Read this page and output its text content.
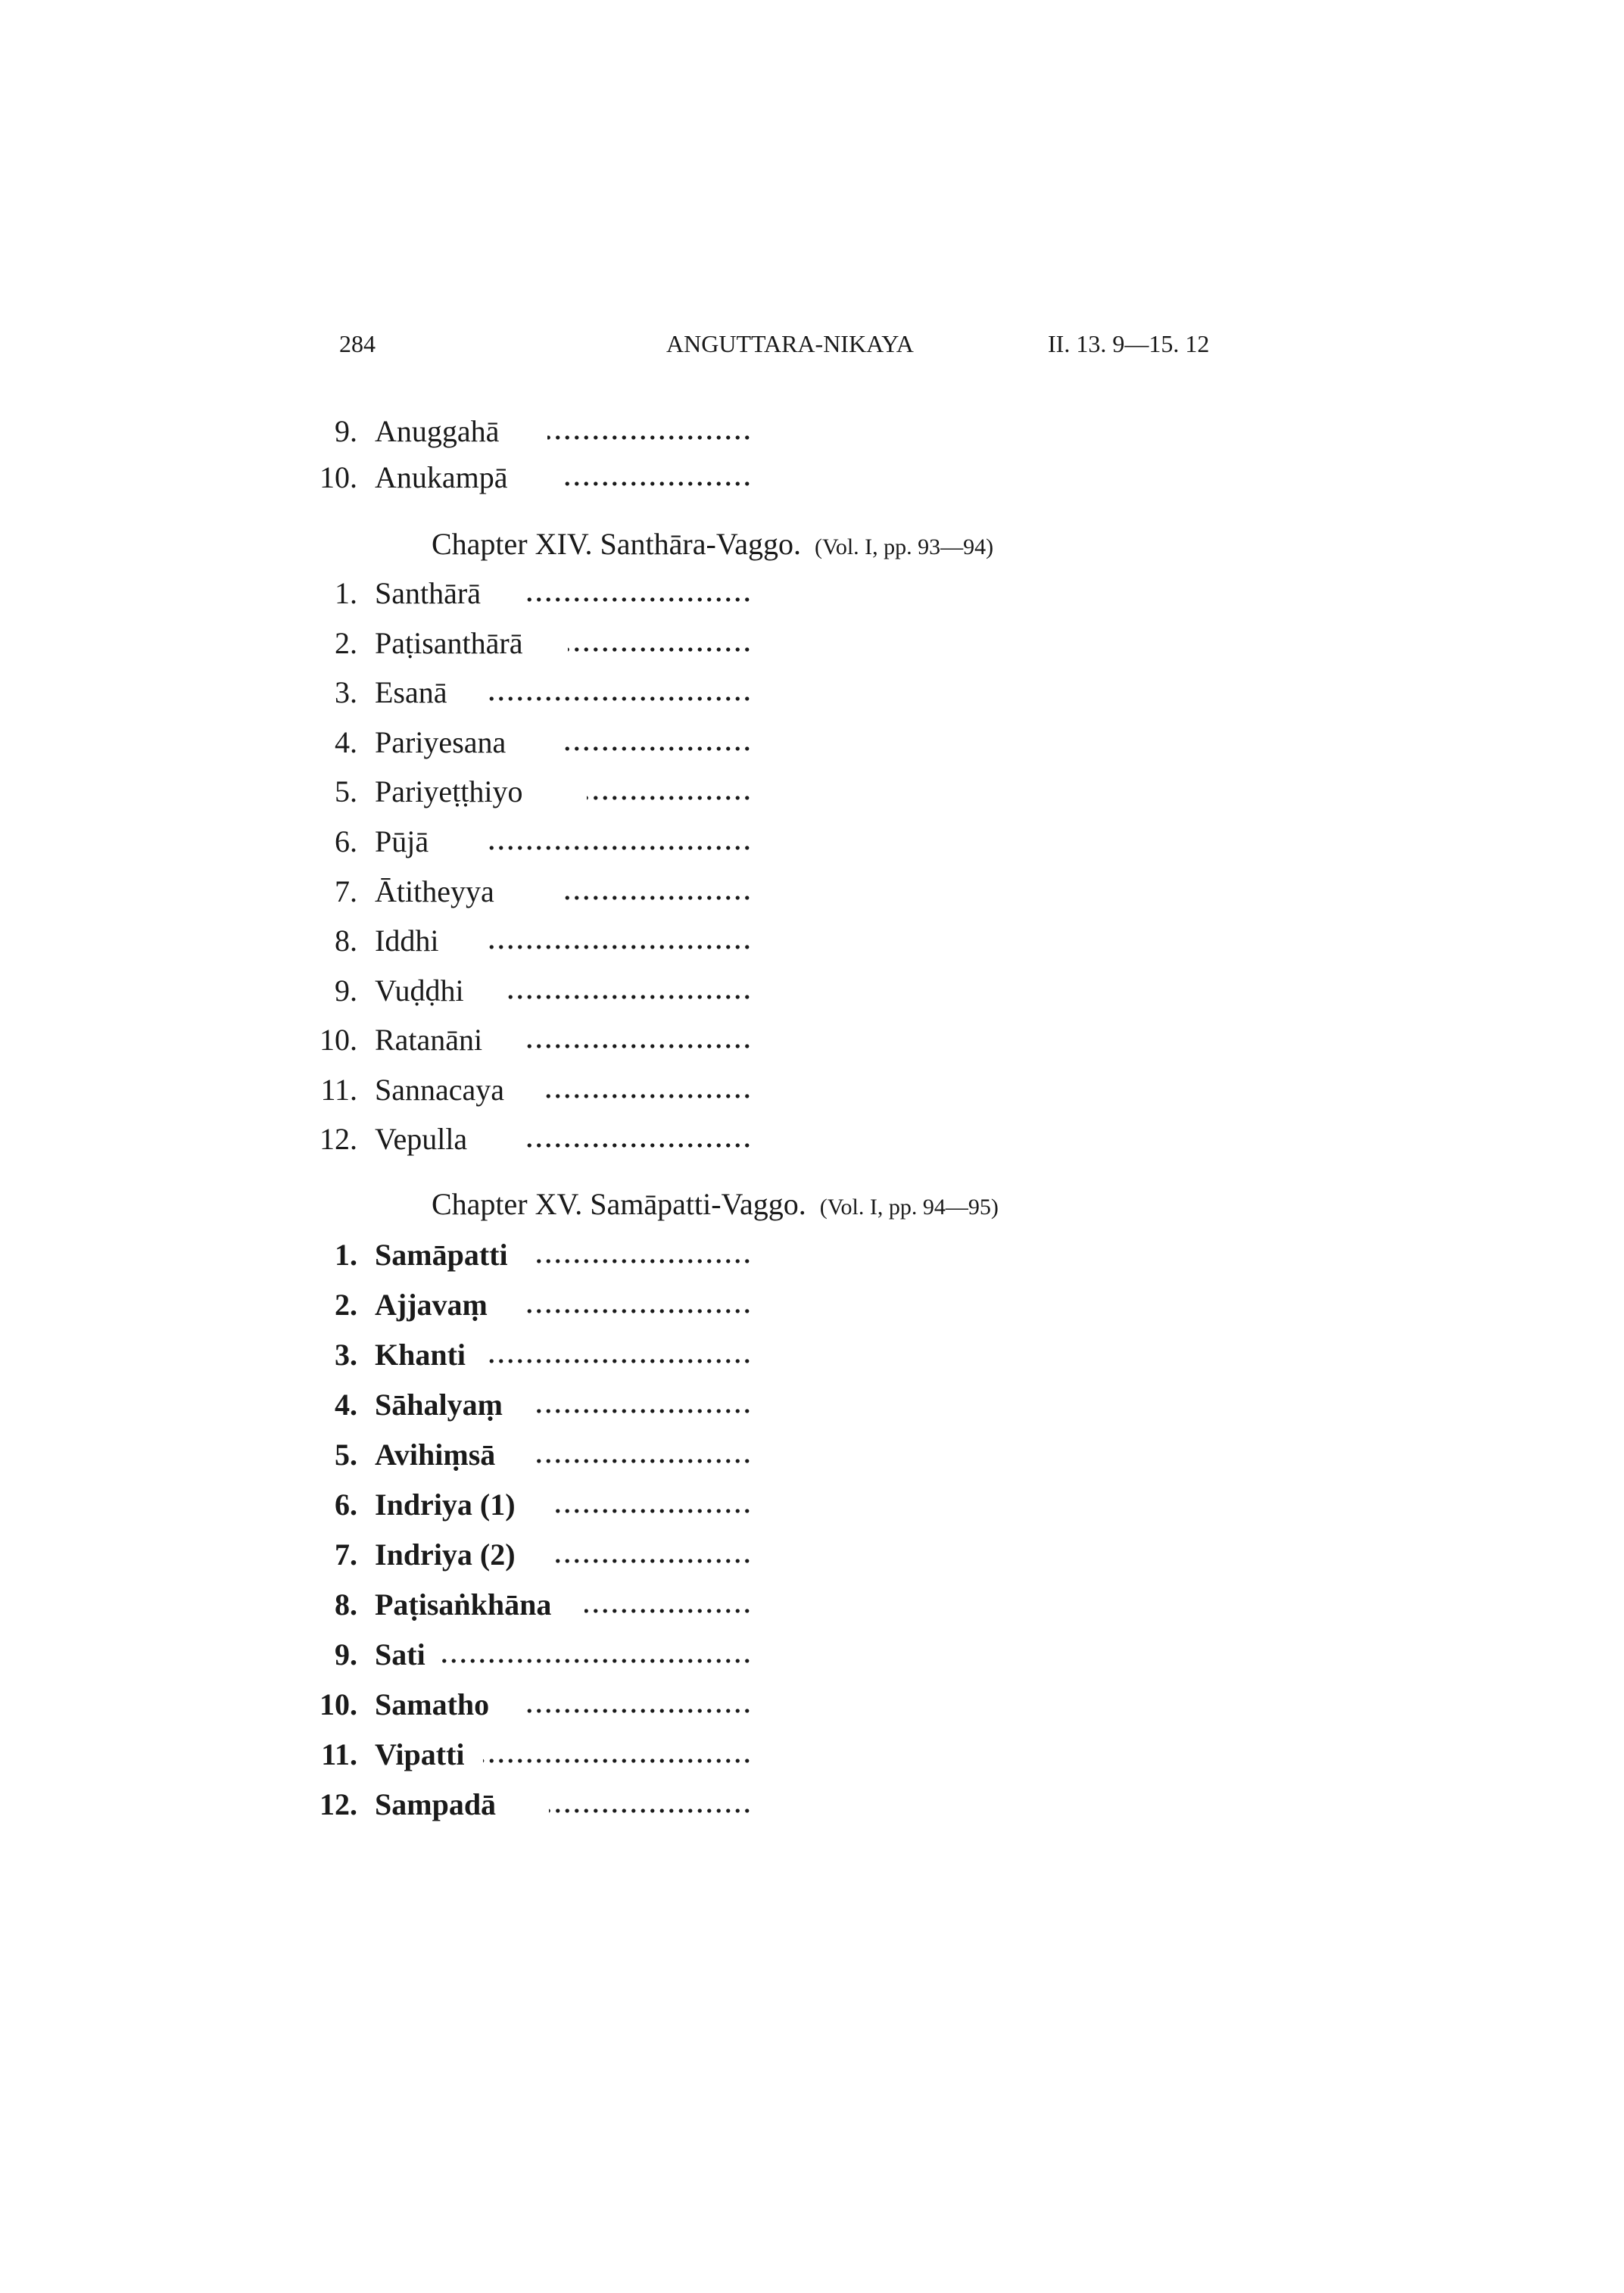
284	ANGUTTARA-NIKAYA	II. 13. 9—15. 12
9. Anuggahā
10. Anukampā
Chapter XIV. Santhāra-Vaggo. (Vol. I, pp. 93—94)
1. Santhārā
2. Paṭisanthārā
3. Esanā
4. Pariyesana
5. Pariyeṭṭhiyo
6. Pūjā
7. Ātitheyya
8. Iddhi
9. Vuḍḍhi
10. Ratanāni
11. Sannacaya
12. Vepulla
Chapter XV. Samāpatti-Vaggo. (Vol. I, pp. 94—95)
1. Samāpatti
2. Ajjavaṃ
3. Khanti
4. Sāhalyaṃ
5. Avihiṃsā
6. Indriya (1)
7. Indriya (2)
8. Paṭisaṅkhāna
9. Sati
10. Samatho
11. Vipatti
12. Sampadā
